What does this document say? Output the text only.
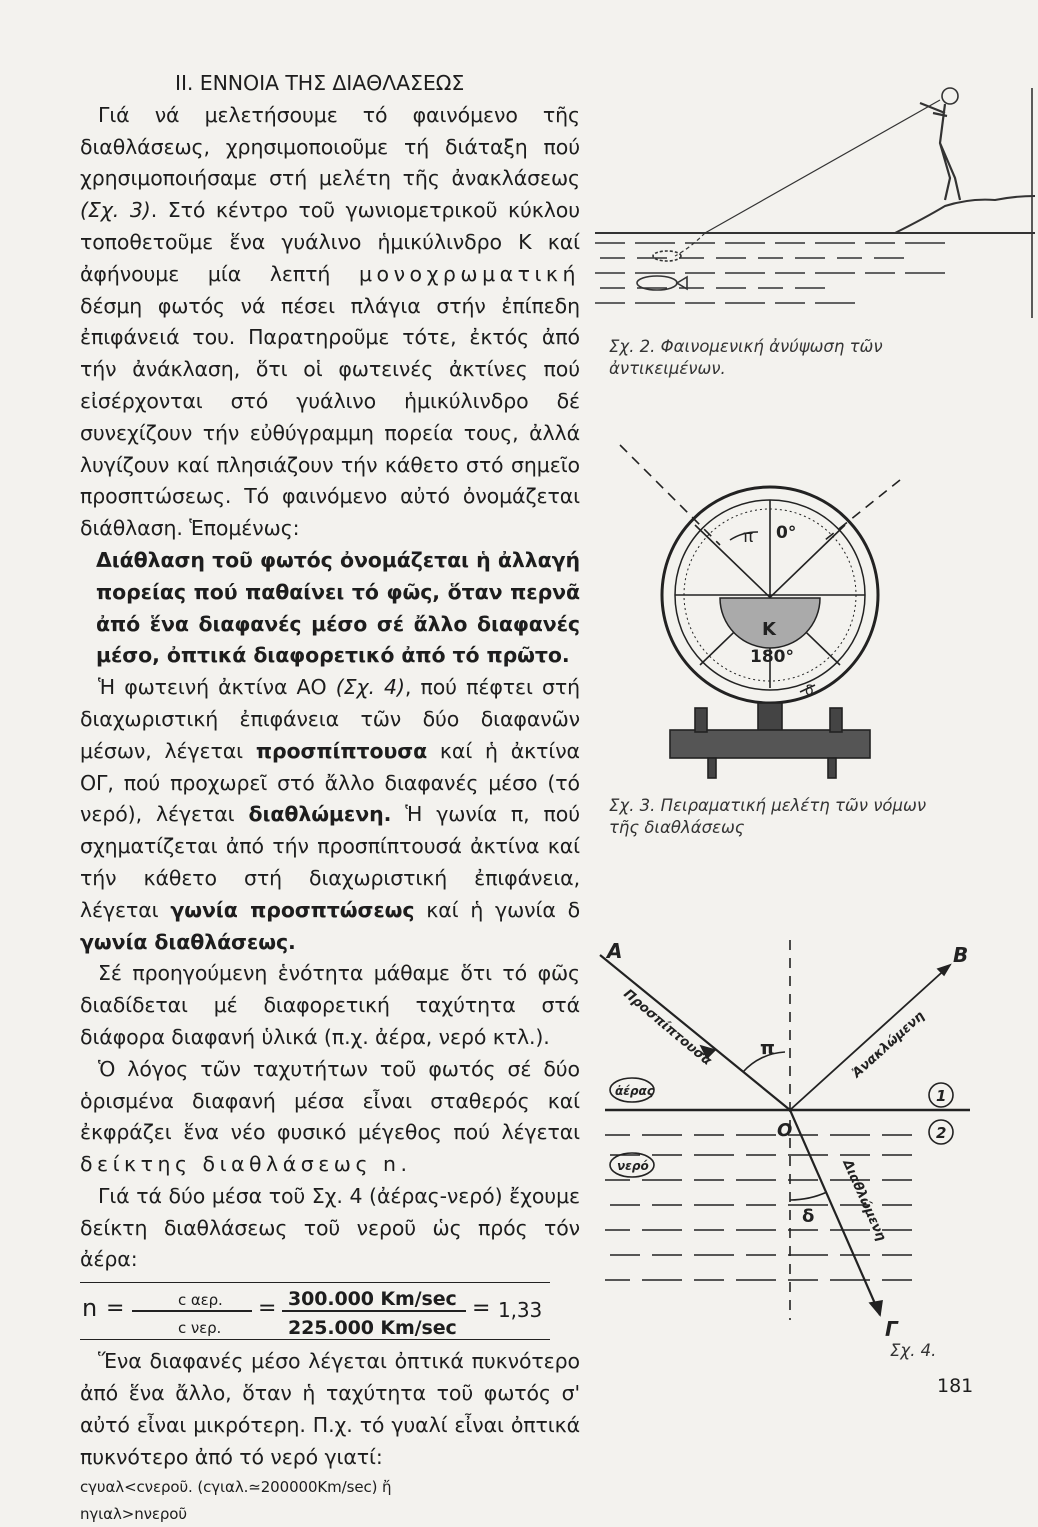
ΙΙ. ΕΝΝΟΙΑ ΤΗΣ ΔΙΑΘΛΑΣΕΩΣ

Γιά νά μελετήσουμε τό φαινόμενο τῆς διαθλάσεως, χρησιμοποιοῦμε τή διάταξη πού χρησιμοποιήσαμε στή μελέτη τῆς ἀνακλάσεως (Σχ. 3). Στό κέντρο τοῦ γωνιομετρικοῦ κύκλου τοποθετοῦμε ἕνα γυάλινο ἡμικύλινδρο Κ καί ἀφήνουμε μία λεπτή μονοχρωματική δέσμη φωτός νά πέσει πλάγια στήν ἐπίπεδη ἐπιφάνειά του. Παρατηροῦμε τότε, ἐκτός ἀπό τήν ἀνάκλαση, ὅτι οἱ φωτεινές ἀκτίνες πού εἰσέρχονται στό γυάλινο ἡμικύλινδρο δέ συνεχίζουν τήν εὐθύγραμμη πορεία τους, ἀλλά λυγίζουν καί πλησιάζουν τήν κάθετο στό σημεῖο προσπτώσεως. Τό φαινόμενο αὐτό ὀνομάζεται διάθλαση. Ἑπομένως:

Διάθλαση τοῦ φωτός ὀνομάζεται ἡ ἀλλαγή πορείας πού παθαίνει τό φῶς, ὅταν περνᾶ ἀπό ἕνα διαφανές μέσο σέ ἄλλο διαφανές μέσο, ὀπτικά διαφορετικό ἀπό τό πρῶτο.

Ἡ φωτεινή ἀκτίνα ΑΟ (Σχ. 4), πού πέφτει στή διαχωριστική ἐπιφάνεια τῶν δύο διαφανῶν μέσων, λέγεται προσπίπτουσα καί ἡ ἀκτίνα ΟΓ, πού προχωρεῖ στό ἄλλο διαφανές μέσο (τό νερό), λέγεται διαθλώμενη. Ἡ γωνία π, πού σχηματίζεται ἀπό τήν προσπίπτουσά ἀκτίνα καί τήν κάθετο στή διαχωριστική ἐπιφάνεια, λέγεται γωνία προσπτώσεως καί ἡ γωνία δ γωνία διαθλάσεως.

Σέ προηγούμενη ἑνότητα μάθαμε ὅτι τό φῶς διαδίδεται μέ διαφορετική ταχύτητα στά διάφορα διαφανή ὑλικά (π.χ. ἀέρα, νερό κτλ.).

Ὁ λόγος τῶν ταχυτήτων τοῦ φωτός σέ δύο ὁρισμένα διαφανή μέσα εἶναι σταθερός καί ἐκφράζει ἕνα νέο φυσικό μέγεθος πού λέγεται δείκτης διαθλάσεως n.

Γιά τά δύο μέσα τοῦ Σχ. 4 (ἀέρας-νερό) ἔχουμε δείκτη διαθλάσεως τοῦ νεροῦ ὡς πρός τόν ἀέρα:

n =	c αερ.
c νερ.
= 300.000 Km/sec
225.000 Km/sec
= 1,33

Ἕνα διαφανές μέσο λέγεται ὀπτικά πυκνότερο ἀπό ἕνα ἄλλο, ὅταν ἡ ταχύτητα τοῦ φωτός σ' αὐτό εἶναι μικρότερη. Π.χ. τό γυαλί εἶναι ὀπτικά πυκνότερο ἀπό τό νερό γιατί:

cγυαλ<cνεροῦ. (cγιαλ.≃200000Km/sec) ἤ
nγιαλ>nνεροῦ
Σχ. 2. Φαινομενική ἀνύψωση τῶν ἀντικειμένων.
0°
π
K
180°
δ
Σχ. 3. Πειραματική μελέτη τῶν νόμων τῆς διαθλάσεως
A	B
O
Γ
π
δ
Προσπίπτουσα	Ἀνακλώμενη
Διαθλώμενη
ἀέρας
νερό
1
2
Σχ. 4.
181
